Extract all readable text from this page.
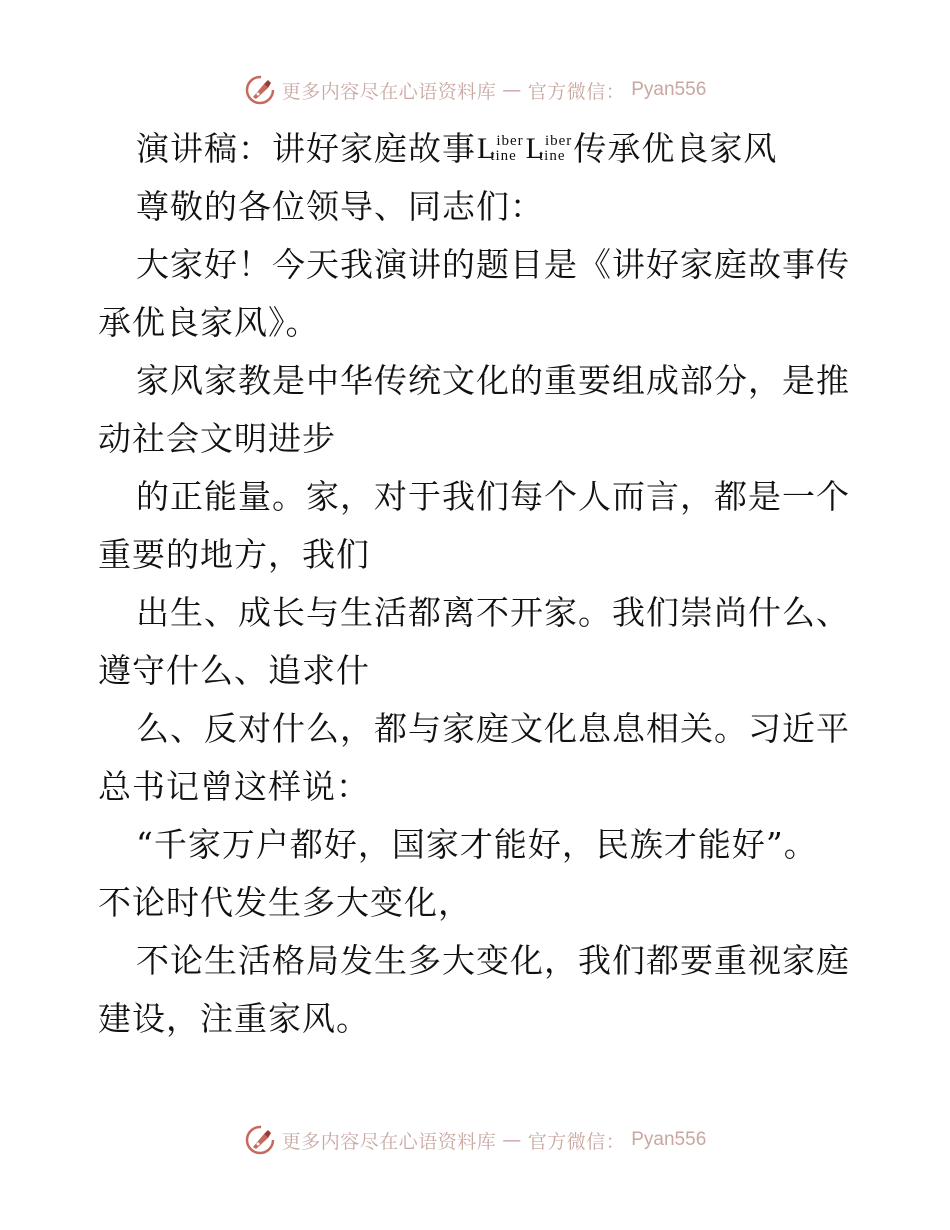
更多内容尽在心语资料库 — 官方微信： Pyan556
演讲稿：讲好家庭故事 L iber
tine L iber
tine 传承优良家风
尊敬的各位领导、同志们：
大家好！今天我演讲的题目是《讲好家庭故事传
承优良家风》。
家风家教是中华传统文化的重要组成部分，是推
动社会文明进步
的正能量。家，对于我们每个人而言，都是一个
重要的地方，我们
出生、成长与生活都离不开家。我们崇尚什么、
遵守什么、追求什
么、反对什么，都与家庭文化息息相关。习近平
总书记曾这样说：
“千家万户都好，国家才能好，民族才能好”。
不论时代发生多大变化，
不论生活格局发生多大变化，我们都要重视家庭
建设，注重家风。
更多内容尽在心语资料库 — 官方微信： Pyan556
